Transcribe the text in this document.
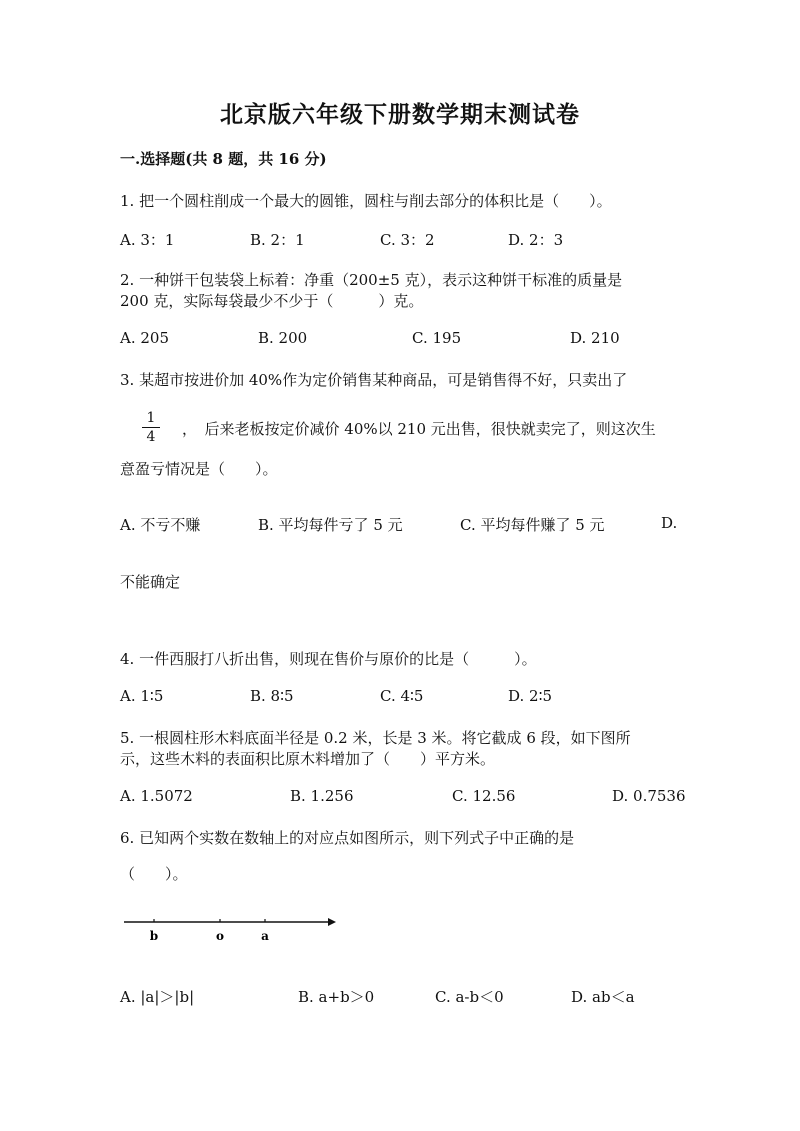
北京版六年级下册数学期末测试卷
一.选择题(共 8 题，共 16 分)
1. 把一个圆柱削成一个最大的圆锥，圆柱与削去部分的体积比是（　　）。
A. 3：1	B. 2：1	C. 3：2	D. 2：3
2. 一种饼干包装袋上标着：净重（200±5 克），表示这种饼干标准的质量是
200 克，实际每袋最少不少于（　　　）克。
A. 205	B. 200	C. 195	D. 210
3. 某超市按进价加 40%作为定价销售某种商品，可是销售得不好，只卖出了
1
4	，　后来老板按定价减价 40%以 210 元出售，很快就卖完了，则这次生
意盈亏情况是（　　）。
A. 不亏不赚	B. 平均每件亏了 5 元	C. 平均每件赚了 5 元	D.
不能确定
4. 一件西服打八折出售，则现在售价与原价的比是（　　　）。
A. 1∶5	B. 8∶5	C. 4∶5	D. 2∶5
5. 一根圆柱形木料底面半径是 0.2 米，长是 3 米。将它截成 6 段，如下图所
示，这些木料的表面积比原木料增加了（　　）平方米。
A. 1.5072	B. 1.256	C. 12.56	D. 0.7536
6. 已知两个实数在数轴上的对应点如图所示，则下列式子中正确的是
（　　）。
b	o	a
A. |a|＞|b|	B. a+b＞0	C. a-b＜0	D. ab＜a
